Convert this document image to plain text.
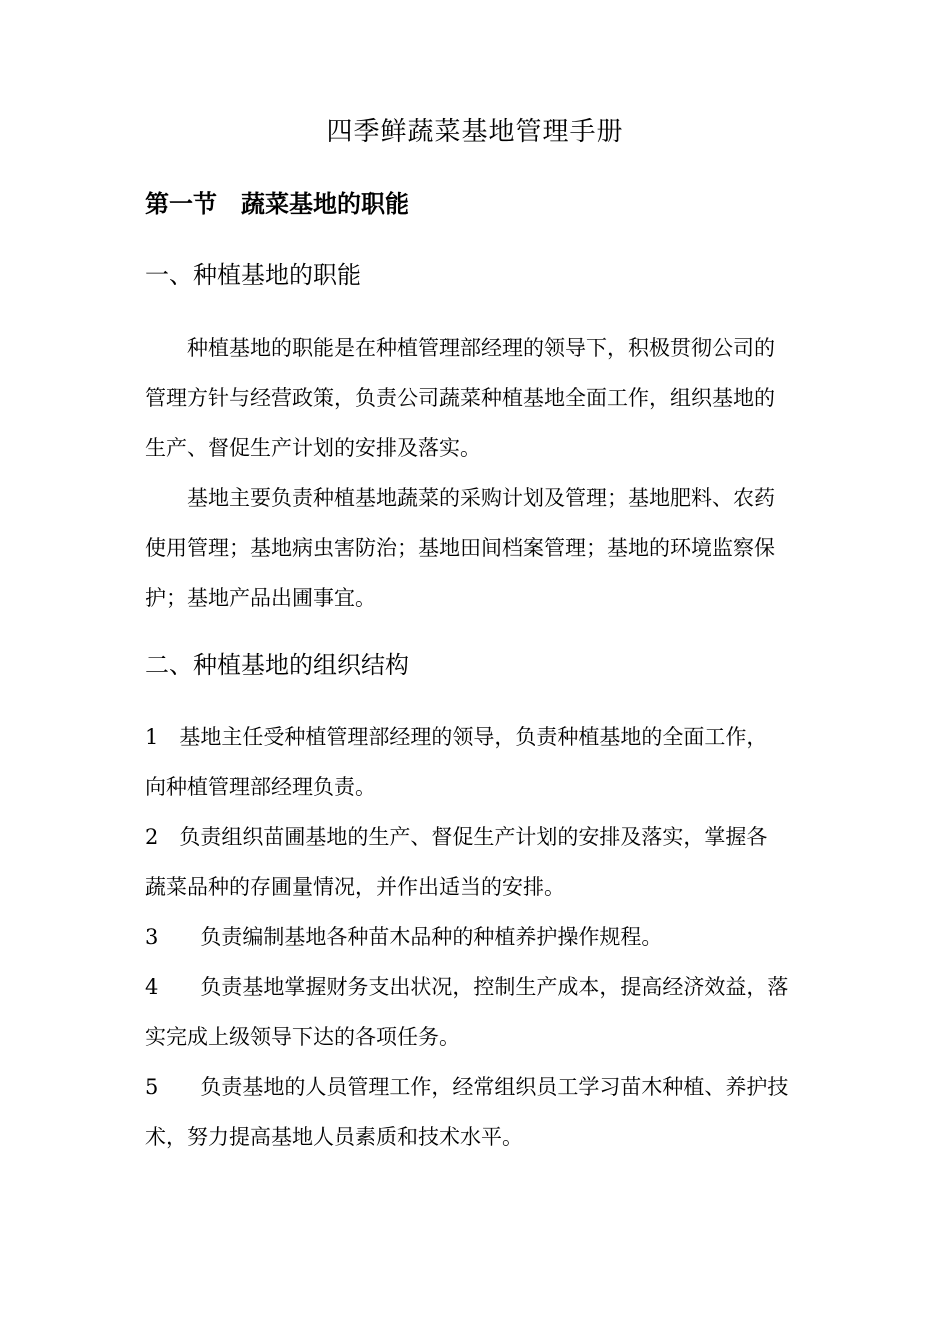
四季鲜蔬菜基地管理手册
第一节　蔬菜基地的职能
一、种植基地的职能
　　种植基地的职能是在种植管理部经理的领导下，积极贯彻公司的
管理方针与经营政策，负责公司蔬菜种植基地全面工作，组织基地的
生产、督促生产计划的安排及落实。
　　基地主要负责种植基地蔬菜的采购计划及管理；基地肥料、农药
使用管理；基地病虫害防治；基地田间档案管理；基地的环境监察保
护；基地产品出圃事宜。
二、种植基地的组织结构
1　基地主任受种植管理部经理的领导，负责种植基地的全面工作，
向种植管理部经理负责。
2　负责组织苗圃基地的生产、督促生产计划的安排及落实，掌握各
蔬菜品种的存圃量情况，并作出适当的安排。
3　　负责编制基地各种苗木品种的种植养护操作规程。
4　　负责基地掌握财务支出状况，控制生产成本，提高经济效益，落
实完成上级领导下达的各项任务。
5　　负责基地的人员管理工作，经常组织员工学习苗木种植、养护技
术，努力提高基地人员素质和技术水平。
